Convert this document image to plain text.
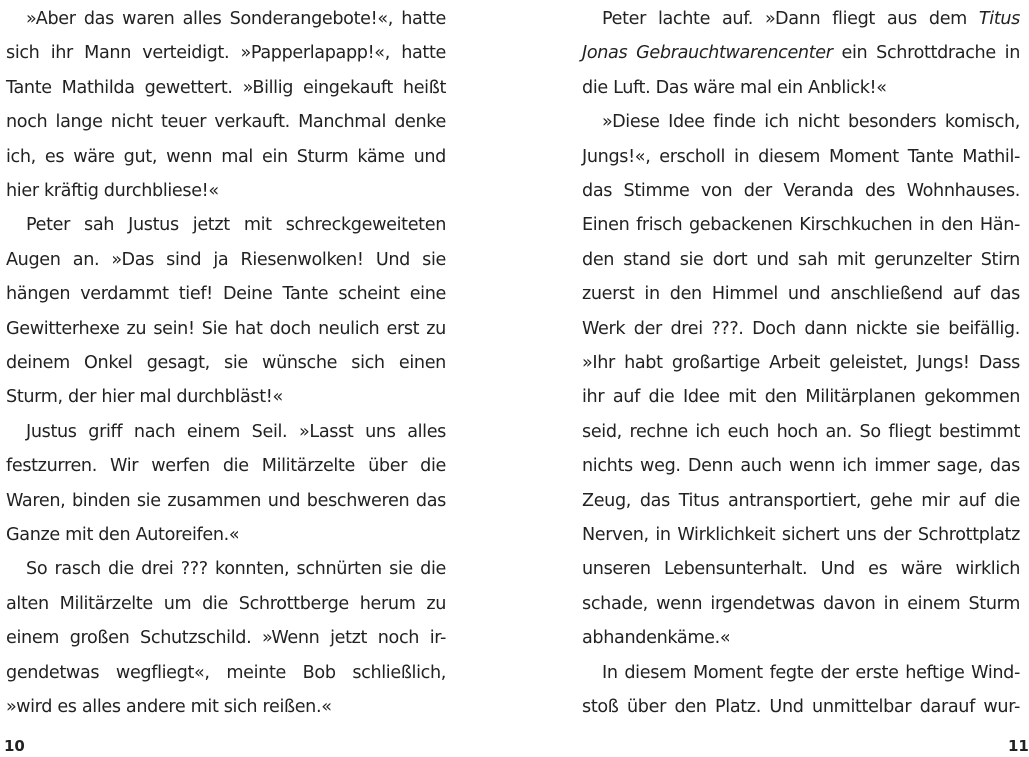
»Aber das waren alles Sonderangebote!«, hatte
sich ihr Mann verteidigt. »Papperlapapp!«, hatte
Tante Mathilda gewettert. »Billig eingekauft heißt
noch lange nicht teuer verkauft. Manchmal denke
ich, es wäre gut, wenn mal ein Sturm käme und
hier kräftig durchbliese!«
Peter sah Justus jetzt mit schreckgeweiteten
Augen an. »Das sind ja Riesenwolken! Und sie
hängen verdammt tief! Deine Tante scheint eine
Gewitterhexe zu sein! Sie hat doch neulich erst zu
deinem Onkel gesagt, sie wünsche sich einen
Sturm, der hier mal durchbläst!«
Justus griff nach einem Seil. »Lasst uns alles
festzurren. Wir werfen die Militärzelte über die
Waren, binden sie zusammen und beschweren das
Ganze mit den Autoreifen.«
So rasch die drei ??? konnten, schnürten sie die
alten Militärzelte um die Schrottberge herum zu
einem großen Schutzschild. »Wenn jetzt noch ir-
gendetwas wegfliegt«, meinte Bob schließlich,
»wird es alles andere mit sich reißen.«
Peter lachte auf. »Dann fliegt aus dem Titus
Jonas Gebrauchtwarencenter ein Schrottdrache in
die Luft. Das wäre mal ein Anblick!«
»Diese Idee finde ich nicht besonders komisch,
Jungs!«, erscholl in diesem Moment Tante Mathil-
das Stimme von der Veranda des Wohnhauses.
Einen frisch gebackenen Kirschkuchen in den Hän-
den stand sie dort und sah mit gerunzelter Stirn
zuerst in den Himmel und anschließend auf das
Werk der drei ???. Doch dann nickte sie beifällig.
»Ihr habt großartige Arbeit geleistet, Jungs! Dass
ihr auf die Idee mit den Militärplanen gekommen
seid, rechne ich euch hoch an. So fliegt bestimmt
nichts weg. Denn auch wenn ich immer sage, das
Zeug, das Titus antransportiert, gehe mir auf die
Nerven, in Wirklichkeit sichert uns der Schrottplatz
unseren Lebensunterhalt. Und es wäre wirklich
schade, wenn irgendetwas davon in einem Sturm
abhandenkäme.«
In diesem Moment fegte der erste heftige Wind-
stoß über den Platz. Und unmittelbar darauf wur-
10	11
